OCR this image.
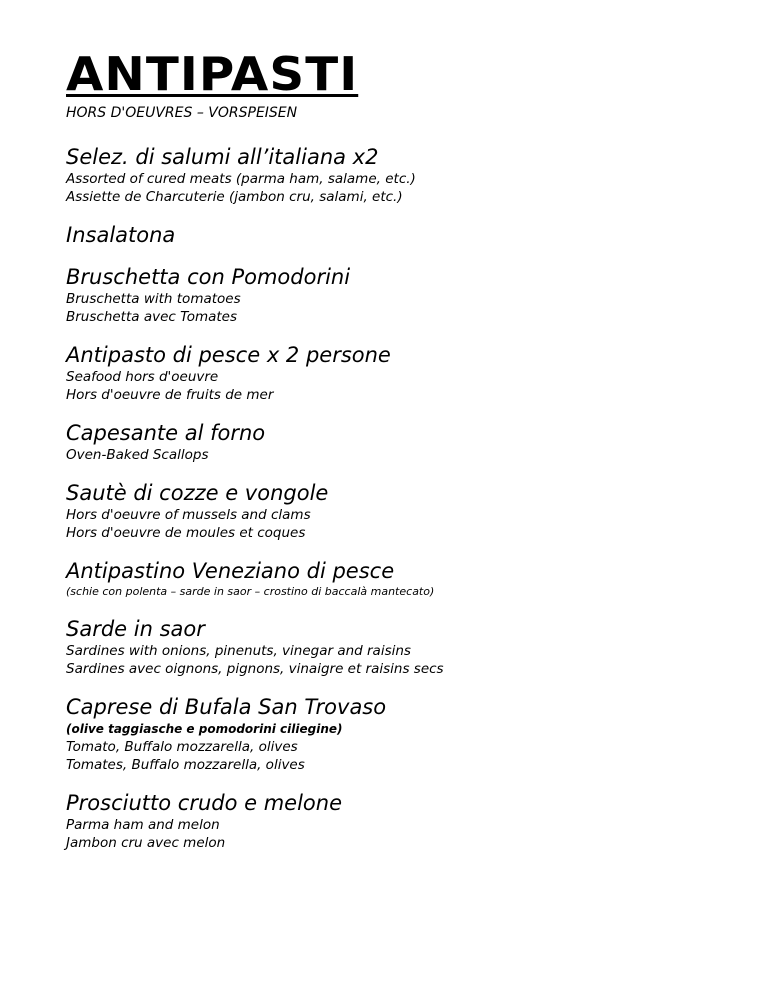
ANTIPASTI

HORS D'OEUVRES – VORSPEISEN

Selez. di salumi all’italiana x2

Assorted of cured meats (parma ham, salame, etc.)

Assiette de Charcuterie (jambon cru, salami, etc.)

Insalatona

Bruschetta con Pomodorini

Bruschetta with tomatoes

Bruschetta avec Tomates

Antipasto di pesce x 2 persone

Seafood hors d'oeuvre

Hors d'oeuvre de fruits de mer

Capesante al forno

Oven-Baked Scallops

Sautè di cozze e vongole

Hors d'oeuvre of mussels and clams

Hors d'oeuvre de moules et coques

Antipastino Veneziano di pesce

(schie con polenta – sarde in saor – crostino di baccalà mantecato)

Sarde in saor

Sardines with onions, pinenuts, vinegar and raisins

Sardines avec oignons, pignons, vinaigre et raisins secs

Caprese di Bufala San Trovaso

(olive taggiasche e pomodorini ciliegine)

Tomato, Buffalo mozzarella, olives

Tomates, Buffalo mozzarella, olives

Prosciutto crudo e melone

Parma ham and melon

Jambon cru avec melon
